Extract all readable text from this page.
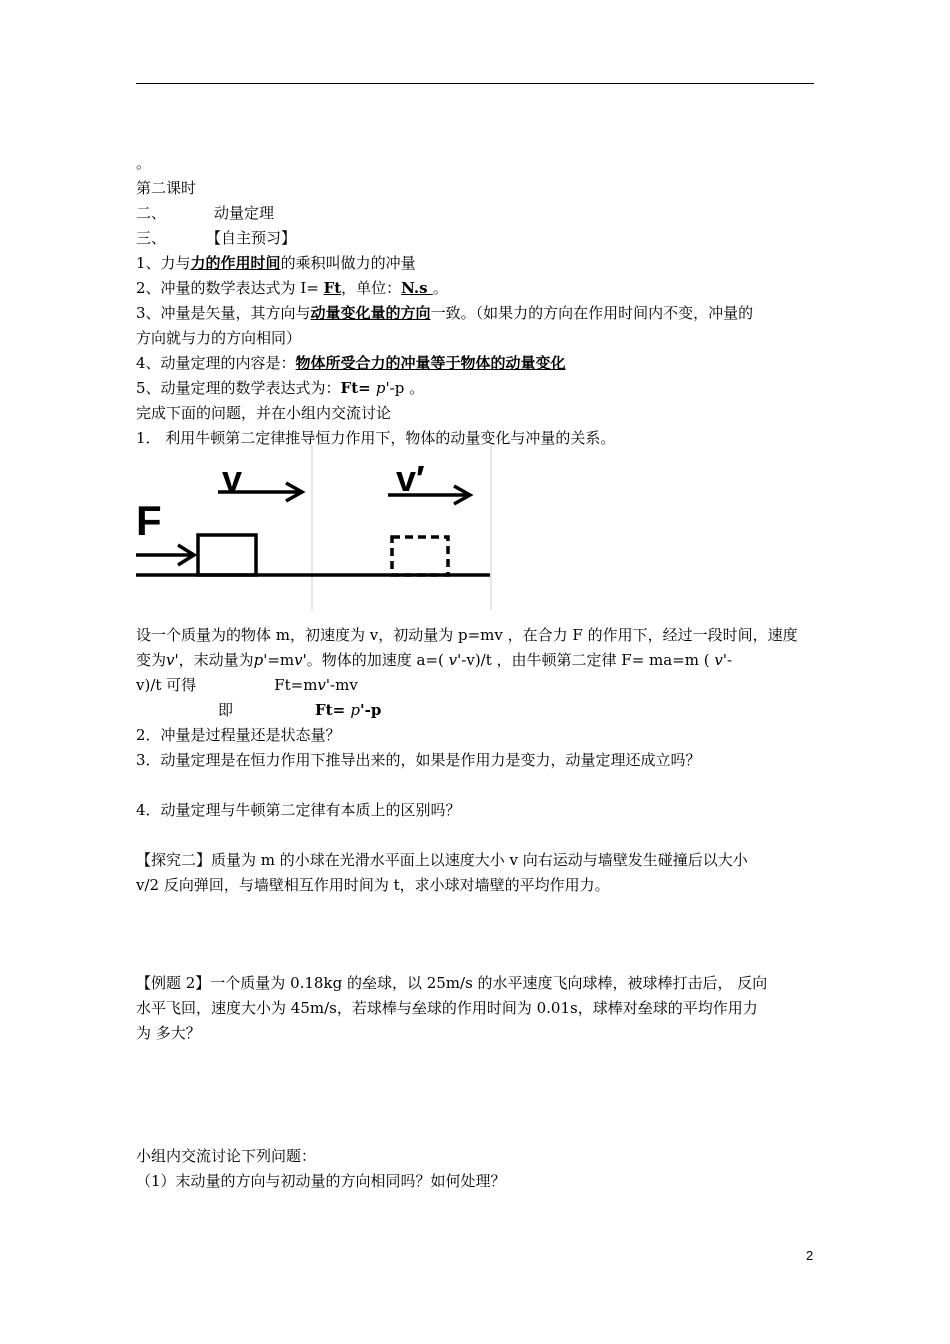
。
第二课时
二、	动量定理
三、	【自主预习】
1、力与力的作用时间的乘积叫做力的冲量
2、冲量的数学表达式为 I= Ft，单位：N.s 。
3、冲量是矢量，其方向与动量变化量的方向一致。（如果力的方向在作用时间内不变，冲量的
方向就与力的方向相同）
4、动量定理的内容是：物体所受合力的冲量等于物体的动量变化
5、动量定理的数学表达式为：Ft= p'-p 。
完成下面的问题，并在小组内交流讨论
1． 利用牛顿第二定律推导恒力作用下，物体的动量变化与冲量的关系。
F
v	v′
设一个质量为的物体 m，初速度为 v，初动量为 p=mv ，在合力 F 的作用下，经过一段时间，速度
变为v'，末动量为p'=mv'。物体的加速度 a=( v'-v)/t ，由牛顿第二定律 F= ma=m ( v'-
v)/t 可得	Ft=mv'-mv
即	Ft= p'-p
2．冲量是过程量还是状态量？
3．动量定理是在恒力作用下推导出来的，如果是作用力是变力，动量定理还成立吗？
4．动量定理与牛顿第二定律有本质上的区别吗？
【探究二】质量为 m 的小球在光滑水平面上以速度大小 v 向右运动与墙壁发生碰撞后以大小
v/2 反向弹回，与墙壁相互作用时间为 t，求小球对墙壁的平均作用力。
【例题 2】一个质量为 0.18kg 的垒球，以 25m/s 的水平速度飞向球棒，被球棒打击后， 反向
水平飞回，速度大小为 45m/s，若球棒与垒球的作用时间为 0.01s，球棒对垒球的平均作用力
为 多大？
小组内交流讨论下列问题：
（1）末动量的方向与初动量的方向相同吗？如何处理？
2
